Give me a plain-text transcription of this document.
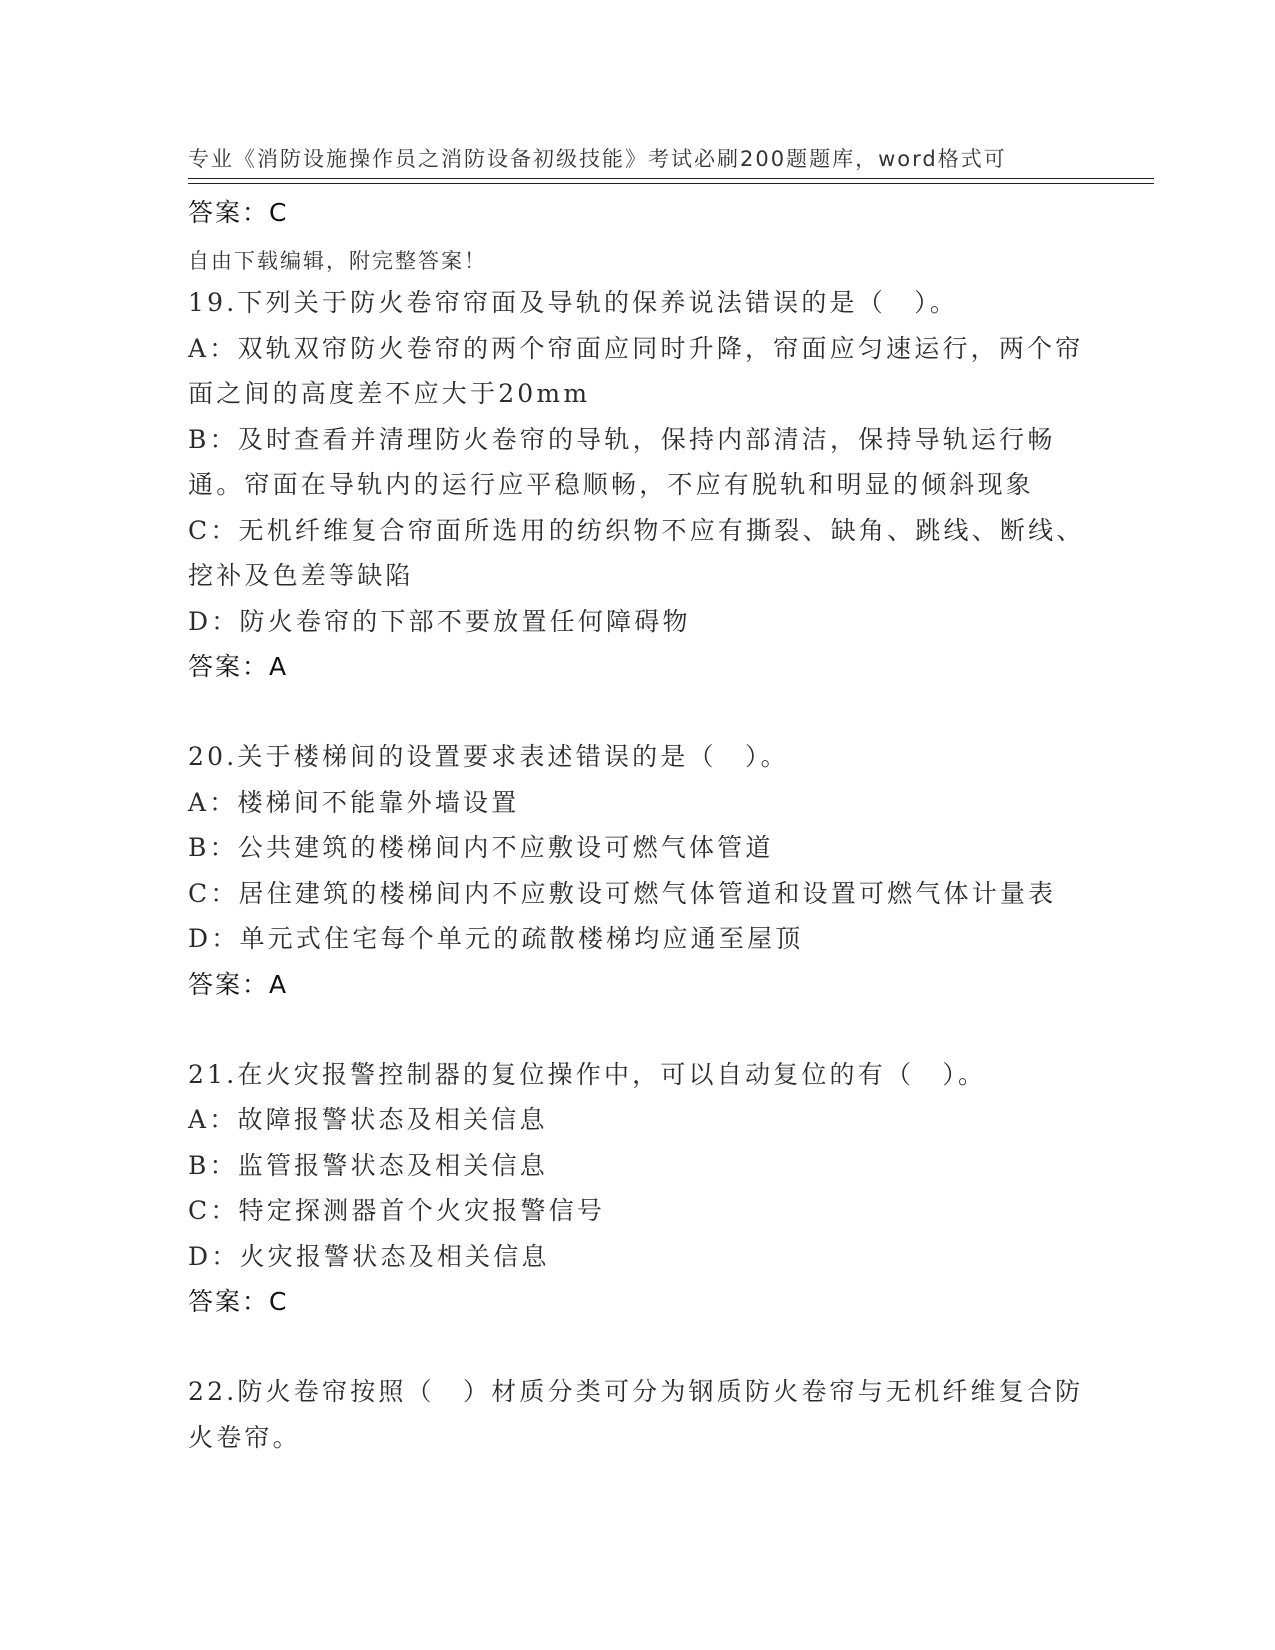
专业《消防设施操作员之消防设备初级技能》考试必刷200题题库，word格式可

自由下载编辑，附完整答案！

答案：C

19.下列关于防火卷帘帘面及导轨的保养说法错误的是（　）。

A：双轨双帘防火卷帘的两个帘面应同时升降，帘面应匀速运行，两个帘面之间的高度差不应大于20mm

B：及时查看并清理防火卷帘的导轨，保持内部清洁，保持导轨运行畅通。帘面在导轨内的运行应平稳顺畅，不应有脱轨和明显的倾斜现象

C：无机纤维复合帘面所选用的纺织物不应有撕裂、缺角、跳线、断线、挖补及色差等缺陷

D：防火卷帘的下部不要放置任何障碍物

答案：A

20.关于楼梯间的设置要求表述错误的是（　）。

A：楼梯间不能靠外墙设置

B：公共建筑的楼梯间内不应敷设可燃气体管道

C：居住建筑的楼梯间内不应敷设可燃气体管道和设置可燃气体计量表

D：单元式住宅每个单元的疏散楼梯均应通至屋顶

答案：A

21.在火灾报警控制器的复位操作中，可以自动复位的有（　）。

A：故障报警状态及相关信息

B：监管报警状态及相关信息

C：特定探测器首个火灾报警信号

D：火灾报警状态及相关信息

答案：C

22.防火卷帘按照（　）材质分类可分为钢质防火卷帘与无机纤维复合防火卷帘。
